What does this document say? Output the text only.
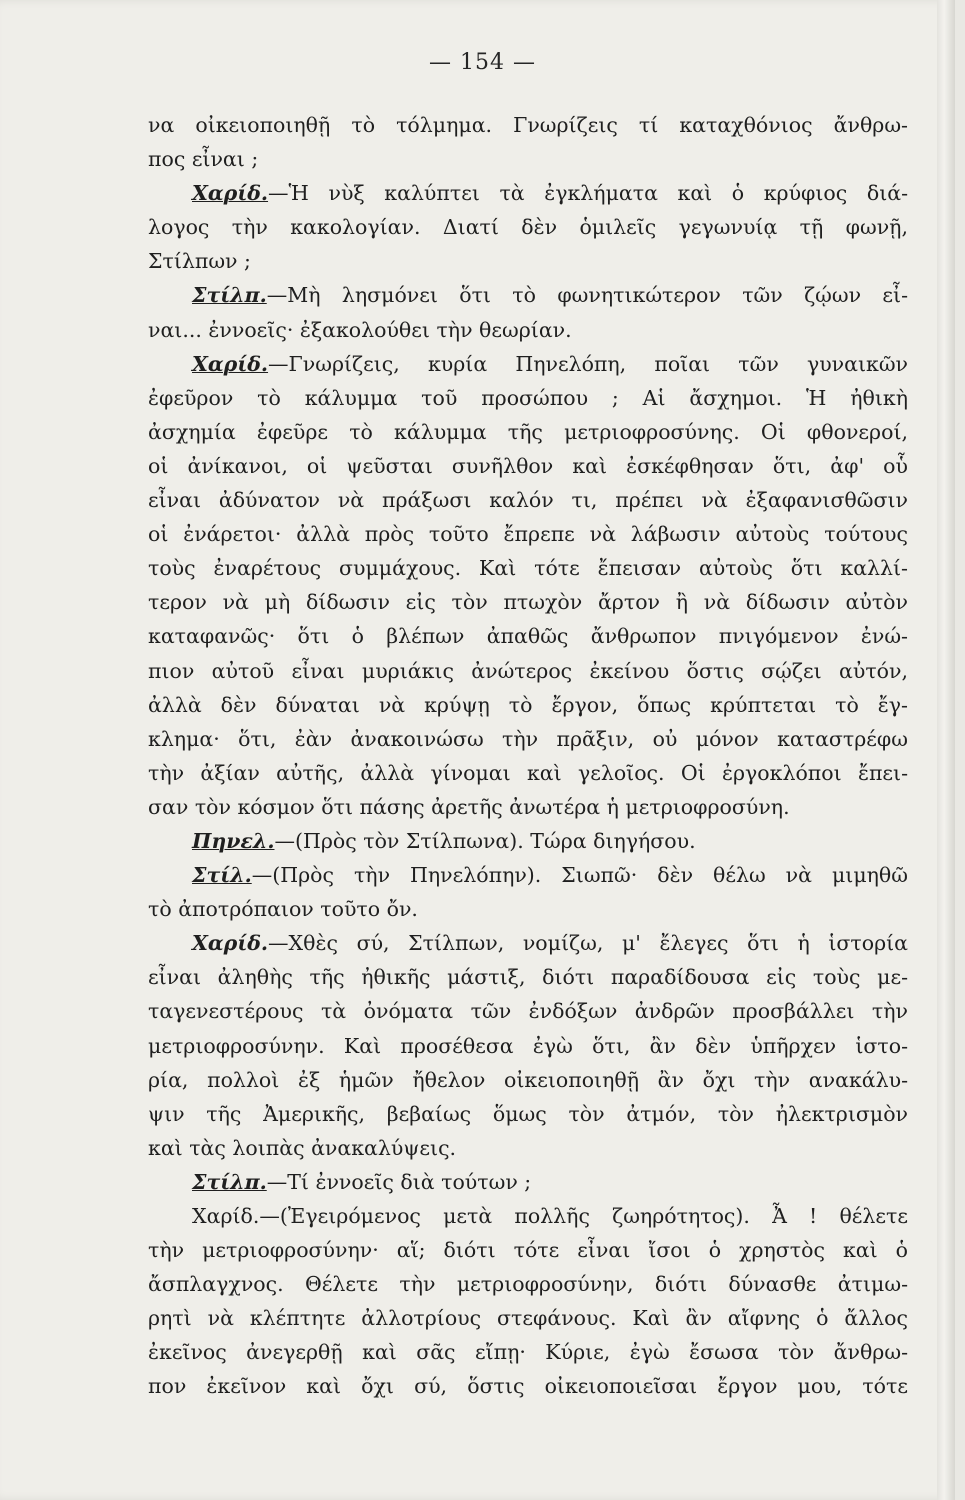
— 154 —
να οἰκειοποιηθῇ τὸ τόλμημα. Γνωρίζεις τί καταχθόνιος ἄνθρω-
πος εἶναι ;
Χαρίδ.—Ἡ νὺξ καλύπτει τὰ ἐγκλήματα καὶ ὁ κρύφιος διά-
λογος τὴν κακολογίαν. Διατί δὲν ὁμιλεῖς γεγωνυίᾳ τῇ φωνῇ,
Στίλπων ;
Στίλπ.—Μὴ λησμόνει ὅτι τὸ φωνητικώτερον τῶν ζῴων εἶ-
ναι... ἐννοεῖς· ἐξακολούθει τὴν θεωρίαν.
Χαρίδ.—Γνωρίζεις, κυρία Πηνελόπη, ποῖαι τῶν γυναικῶν
ἐφεῦρον τὸ κάλυμμα τοῦ προσώπου ; Αἱ ἄσχημοι. Ἡ ἠθικὴ
ἀσχημία ἐφεῦρε τὸ κάλυμμα τῆς μετριοφροσύνης. Οἱ φθονεροί,
οἱ ἀνίκανοι, οἱ ψεῦσται συνῆλθον καὶ ἐσκέφθησαν ὅτι, ἀφ' οὗ
εἶναι ἀδύνατον νὰ πράξωσι καλόν τι, πρέπει νὰ ἐξαφανισθῶσιν
οἱ ἐνάρετοι· ἀλλὰ πρὸς τοῦτο ἔπρεπε νὰ λάβωσιν αὐτοὺς τούτους
τοὺς ἐναρέτους συμμάχους. Καὶ τότε ἔπεισαν αὐτοὺς ὅτι καλλί-
τερον νὰ μὴ δίδωσιν εἰς τὸν πτωχὸν ἄρτον ἢ νὰ δίδωσιν αὐτὸν
καταφανῶς· ὅτι ὁ βλέπων ἀπαθῶς ἄνθρωπον πνιγόμενον ἐνώ-
πιον αὐτοῦ εἶναι μυριάκις ἀνώτερος ἐκείνου ὅστις σῴζει αὐτόν,
ἀλλὰ δὲν δύναται νὰ κρύψῃ τὸ ἔργον, ὅπως κρύπτεται τὸ ἔγ-
κλημα· ὅτι, ἐὰν ἀνακοινώσω τὴν πρᾶξιν, οὐ μόνον καταστρέφω
τὴν ἀξίαν αὐτῆς, ἀλλὰ γίνομαι καὶ γελοῖος. Οἱ ἐργοκλόποι ἔπει-
σαν τὸν κόσμον ὅτι πάσης ἀρετῆς ἀνωτέρα ἡ μετριοφροσύνη.
Πηνελ.—(Πρὸς τὸν Στίλπωνα). Τώρα διηγήσου.
Στίλ.—(Πρὸς τὴν Πηνελόπην). Σιωπῶ· δὲν θέλω νὰ μιμηθῶ
τὸ ἀποτρόπαιον τοῦτο ὄν.
Χαρίδ.—Χθὲς σύ, Στίλπων, νομίζω, μ' ἔλεγες ὅτι ἡ ἱστορία
εἶναι ἀληθὴς τῆς ἠθικῆς μάστιξ, διότι παραδίδουσα εἰς τοὺς με-
ταγενεστέρους τὰ ὀνόματα τῶν ἐνδόξων ἀνδρῶν προσβάλλει τὴν
μετριοφροσύνην. Καὶ προσέθεσα ἐγὼ ὅτι, ἂν δὲν ὑπῆρχεν ἱστο-
ρία, πολλοὶ ἐξ ἡμῶν ἤθελον οἰκειοποιηθῇ ἂν ὄχι τὴν ανακάλυ-
ψιν τῆς Ἀμερικῆς, βεβαίως ὅμως τὸν ἀτμόν, τὸν ἠλεκτρισμὸν
καὶ τὰς λοιπὰς ἀνακαλύψεις.
Στίλπ.—Τί ἐννοεῖς διὰ τούτων ;
Χαρίδ.—(Ἐγειρόμενος μετὰ πολλῆς ζωηρότητος). Ἆ ! θέλετε
τὴν μετριοφροσύνην· αἵ; διότι τότε εἶναι ἴσοι ὁ χρηστὸς καὶ ὁ
ἄσπλαγχνος. Θέλετε τὴν μετριοφροσύνην, διότι δύνασθε ἀτιμω-
ρητὶ νὰ κλέπτητε ἀλλοτρίους στεφάνους. Καὶ ἂν αἴφνης ὁ ἄλλος
ἐκεῖνος ἀνεγερθῇ καὶ σᾶς εἴπῃ· Κύριε, ἐγὼ ἔσωσα τὸν ἄνθρω-
πον ἐκεῖνον καὶ ὄχι σύ, ὅστις οἰκειοποιεῖσαι ἔργον μου, τότε
